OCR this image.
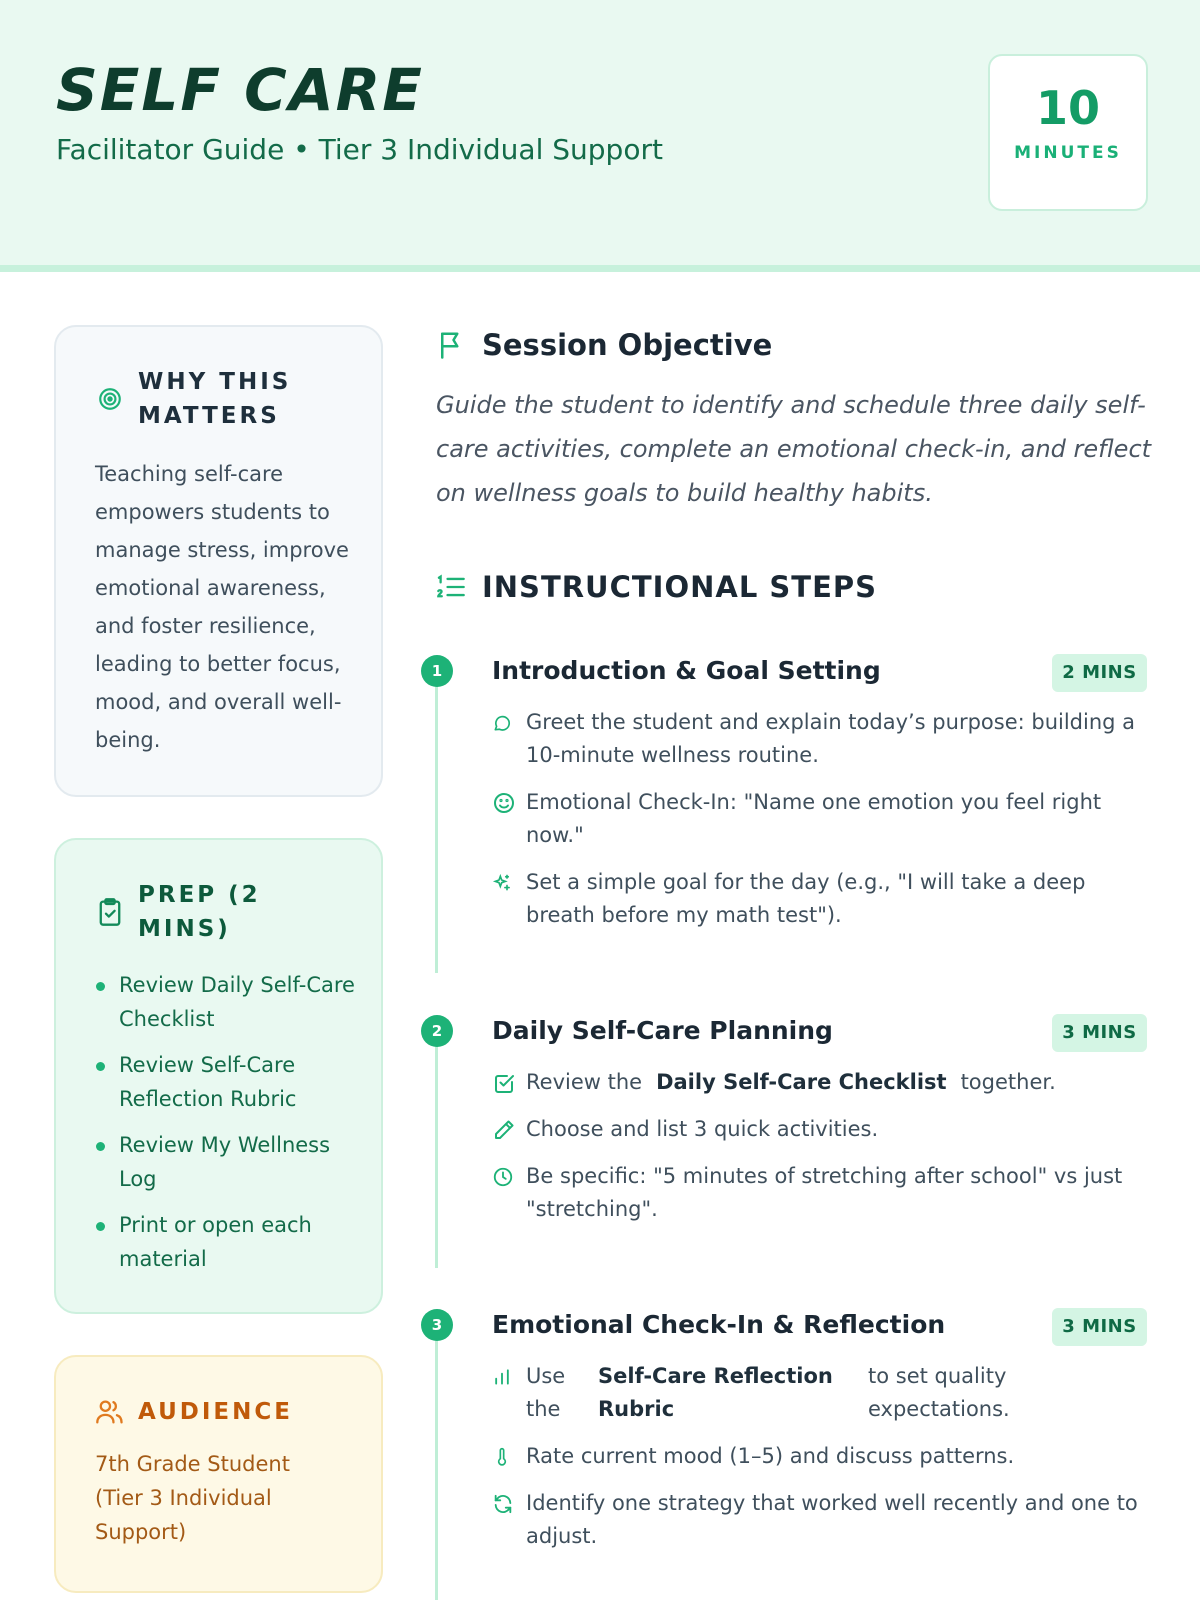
SELF CARE
Facilitator Guide • Tier 3 Individual Support
10
MINUTES
WHY THIS MATTERS
Teaching self-care empowers students to manage stress, improve emotional awareness, and foster resilience, leading to better focus, mood, and overall well-being.
PREP (2 MINS)
Review Daily Self-Care Checklist
Review Self-Care Reflection Rubric
Review My Wellness Log
Print or open each material
AUDIENCE
7th Grade Student (Tier 3 Individual Support)
Session Objective
Guide the student to identify and schedule three daily self-care activities, complete an emotional check-in, and reflect on wellness goals to build healthy habits.
INSTRUCTIONAL STEPS
1	Introduction & Goal Setting	2 MINS
Greet the student and explain today’s purpose: building a 10-minute wellness routine.
Emotional Check-In: "Name one emotion you feel right now."
Set a simple goal for the day (e.g., "I will take a deep breath before my math test").
2	Daily Self-Care Planning	3 MINS
Review the Daily Self-Care Checklist together.
Choose and list 3 quick activities.
Be specific: "5 minutes of stretching after school" vs just "stretching".
3	Emotional Check-In & Reflection	3 MINS
Use the
Self-Care Reflection Rubric
to set quality expectations.
Rate current mood (1–5) and discuss patterns.
Identify one strategy that worked well recently and one to adjust.
